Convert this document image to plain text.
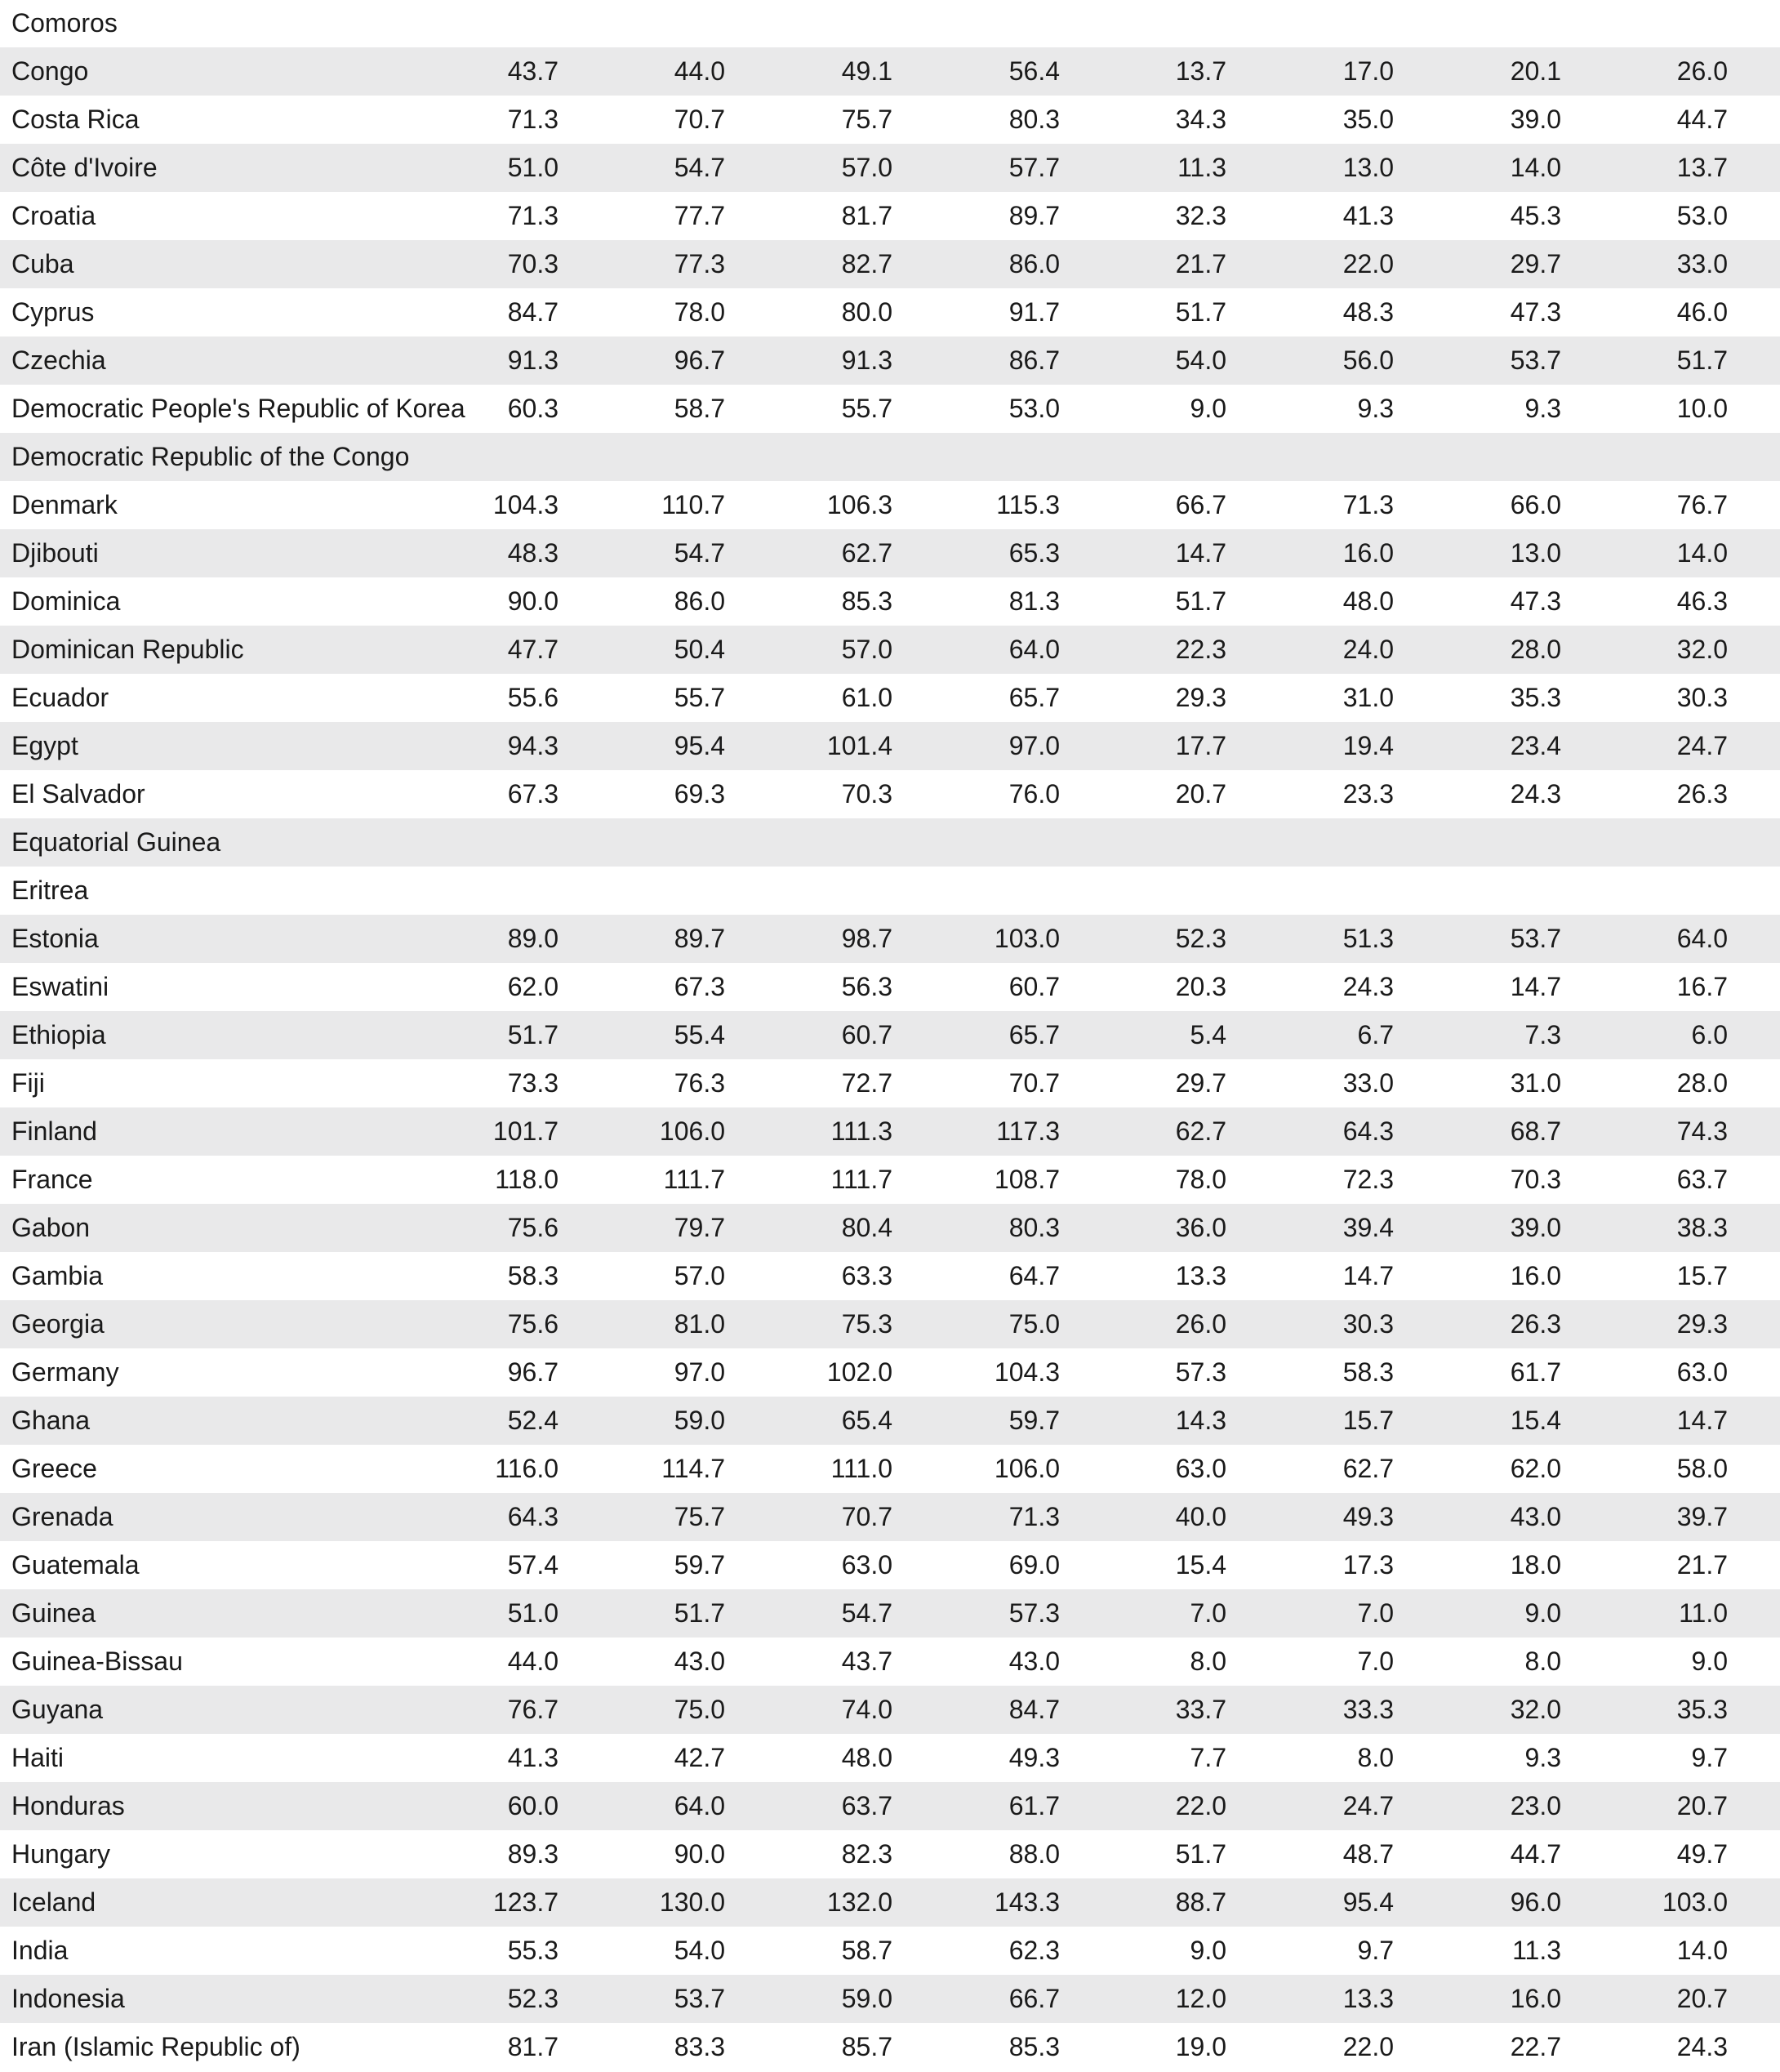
Comoros
Congo	43.7	44.0	49.1	56.4	13.7	17.0	20.1	26.0
Costa Rica	71.3	70.7	75.7	80.3	34.3	35.0	39.0	44.7
Côte d'Ivoire	51.0	54.7	57.0	57.7	11.3	13.0	14.0	13.7
Croatia	71.3	77.7	81.7	89.7	32.3	41.3	45.3	53.0
Cuba	70.3	77.3	82.7	86.0	21.7	22.0	29.7	33.0
Cyprus	84.7	78.0	80.0	91.7	51.7	48.3	47.3	46.0
Czechia	91.3	96.7	91.3	86.7	54.0	56.0	53.7	51.7
Democratic People's Republic of Korea	60.3	58.7	55.7	53.0	9.0	9.3	9.3	10.0
Democratic Republic of the Congo
Denmark	104.3	110.7	106.3	115.3	66.7	71.3	66.0	76.7
Djibouti	48.3	54.7	62.7	65.3	14.7	16.0	13.0	14.0
Dominica	90.0	86.0	85.3	81.3	51.7	48.0	47.3	46.3
Dominican Republic	47.7	50.4	57.0	64.0	22.3	24.0	28.0	32.0
Ecuador	55.6	55.7	61.0	65.7	29.3	31.0	35.3	30.3
Egypt	94.3	95.4	101.4	97.0	17.7	19.4	23.4	24.7
El Salvador	67.3	69.3	70.3	76.0	20.7	23.3	24.3	26.3
Equatorial Guinea
Eritrea
Estonia	89.0	89.7	98.7	103.0	52.3	51.3	53.7	64.0
Eswatini	62.0	67.3	56.3	60.7	20.3	24.3	14.7	16.7
Ethiopia	51.7	55.4	60.7	65.7	5.4	6.7	7.3	6.0
Fiji	73.3	76.3	72.7	70.7	29.7	33.0	31.0	28.0
Finland	101.7	106.0	111.3	117.3	62.7	64.3	68.7	74.3
France	118.0	111.7	111.7	108.7	78.0	72.3	70.3	63.7
Gabon	75.6	79.7	80.4	80.3	36.0	39.4	39.0	38.3
Gambia	58.3	57.0	63.3	64.7	13.3	14.7	16.0	15.7
Georgia	75.6	81.0	75.3	75.0	26.0	30.3	26.3	29.3
Germany	96.7	97.0	102.0	104.3	57.3	58.3	61.7	63.0
Ghana	52.4	59.0	65.4	59.7	14.3	15.7	15.4	14.7
Greece	116.0	114.7	111.0	106.0	63.0	62.7	62.0	58.0
Grenada	64.3	75.7	70.7	71.3	40.0	49.3	43.0	39.7
Guatemala	57.4	59.7	63.0	69.0	15.4	17.3	18.0	21.7
Guinea	51.0	51.7	54.7	57.3	7.0	7.0	9.0	11.0
Guinea-Bissau	44.0	43.0	43.7	43.0	8.0	7.0	8.0	9.0
Guyana	76.7	75.0	74.0	84.7	33.7	33.3	32.0	35.3
Haiti	41.3	42.7	48.0	49.3	7.7	8.0	9.3	9.7
Honduras	60.0	64.0	63.7	61.7	22.0	24.7	23.0	20.7
Hungary	89.3	90.0	82.3	88.0	51.7	48.7	44.7	49.7
Iceland	123.7	130.0	132.0	143.3	88.7	95.4	96.0	103.0
India	55.3	54.0	58.7	62.3	9.0	9.7	11.3	14.0
Indonesia	52.3	53.7	59.0	66.7	12.0	13.3	16.0	20.7
Iran (Islamic Republic of)	81.7	83.3	85.7	85.3	19.0	22.0	22.7	24.3
